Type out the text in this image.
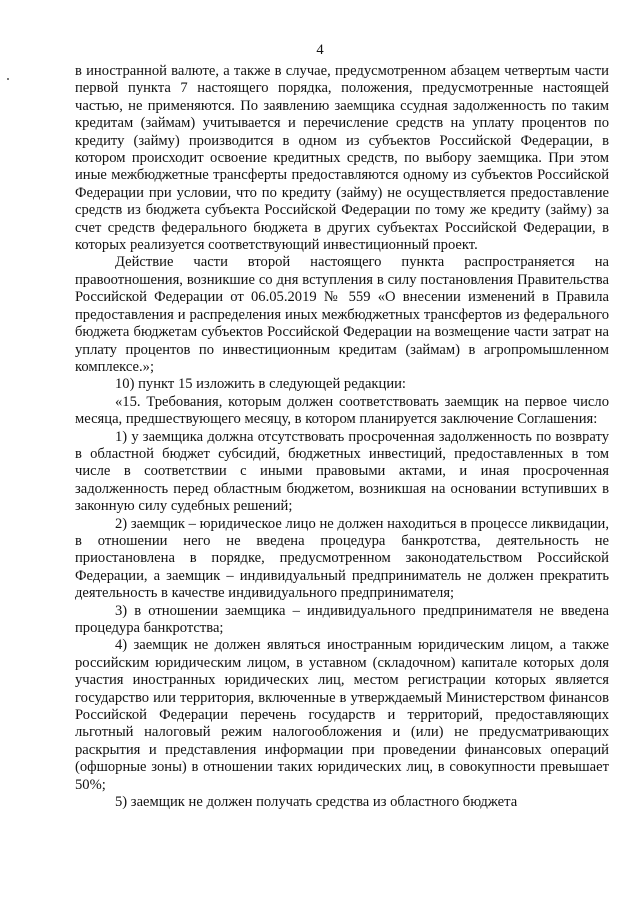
4

в иностранной валюте, а также в случае, предусмотренном абзацем четвертым части первой пункта 7 настоящего порядка, положения, предусмотренные настоящей частью, не применяются. По заявлению заемщика ссудная задолженность по таким кредитам (займам) учитывается и перечисление средств на уплату процентов по кредиту (займу) производится в одном из субъектов Российской Федерации, в котором происходит освоение кредитных средств, по выбору заемщика. При этом иные межбюджетные трансферты предоставляются одному из субъектов Российской Федерации при условии, что по кредиту (займу) не осуществляется предоставление средств из бюджета субъекта Российской Федерации по тому же кредиту (займу) за счет средств федерального бюджета в других субъектах Российской Федерации, в которых реализуется соответствующий инвестиционный проект.

Действие части второй настоящего пункта распространяется на правоотношения, возникшие со дня вступления в силу постановления Правительства Российской Федерации от 06.05.2019 № 559 «О внесении изменений в Правила предоставления и распределения иных межбюджетных трансфертов из федерального бюджета бюджетам субъектов Российской Федерации на возмещение части затрат на уплату процентов по инвестиционным кредитам (займам) в агропромышленном комплексе.»;

10) пункт 15 изложить в следующей редакции:

«15. Требования, которым должен соответствовать заемщик на первое число месяца, предшествующего месяцу, в котором планируется заключение Соглашения:

1) у заемщика должна отсутствовать просроченная задолженность по возврату в областной бюджет субсидий, бюджетных инвестиций, предоставленных в том числе в соответствии с иными правовыми актами, и иная просроченная задолженность перед областным бюджетом, возникшая на основании вступивших в законную силу судебных решений;

2) заемщик – юридическое лицо не должен находиться в процессе ликвидации, в отношении него не введена процедура банкротства, деятельность не приостановлена в порядке, предусмотренном законодательством Российской Федерации, а заемщик – индивидуальный предприниматель не должен прекратить деятельность в качестве индивидуального предпринимателя;

3) в отношении заемщика – индивидуального предпринимателя не введена процедура банкротства;

4) заемщик не должен являться иностранным юридическим лицом, а также российским юридическим лицом, в уставном (складочном) капитале которых доля участия иностранных юридических лиц, местом регистрации которых является государство или территория, включенные в утверждаемый Министерством финансов Российской Федерации перечень государств и территорий, предоставляющих льготный налоговый режим налогообложения и (или) не предусматривающих раскрытия и представления информации при проведении финансовых операций (офшорные зоны) в отношении таких юридических лиц, в совокупности превышает 50%;

5) заемщик не должен получать средства из областного бюджета
